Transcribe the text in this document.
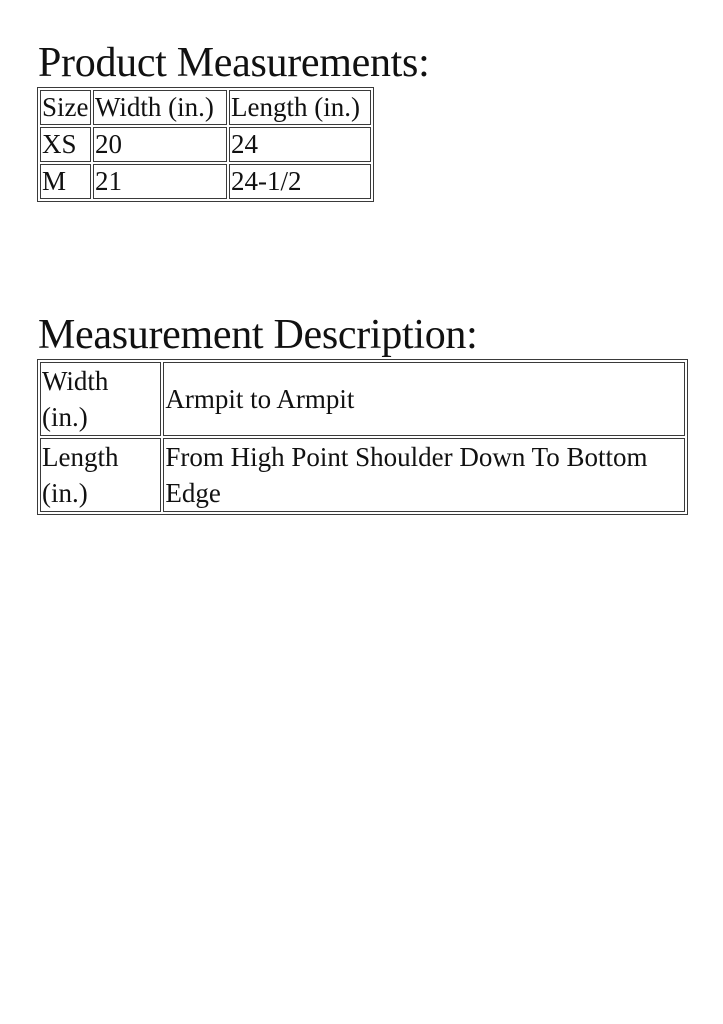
Product Measurements:
Size	Width (in.)	Length (in.)
XS	20	24
M	21	24-1/2
Measurement Description:
Width (in.)	Armpit to Armpit
Length (in.)	From High Point Shoulder Down To Bottom Edge
